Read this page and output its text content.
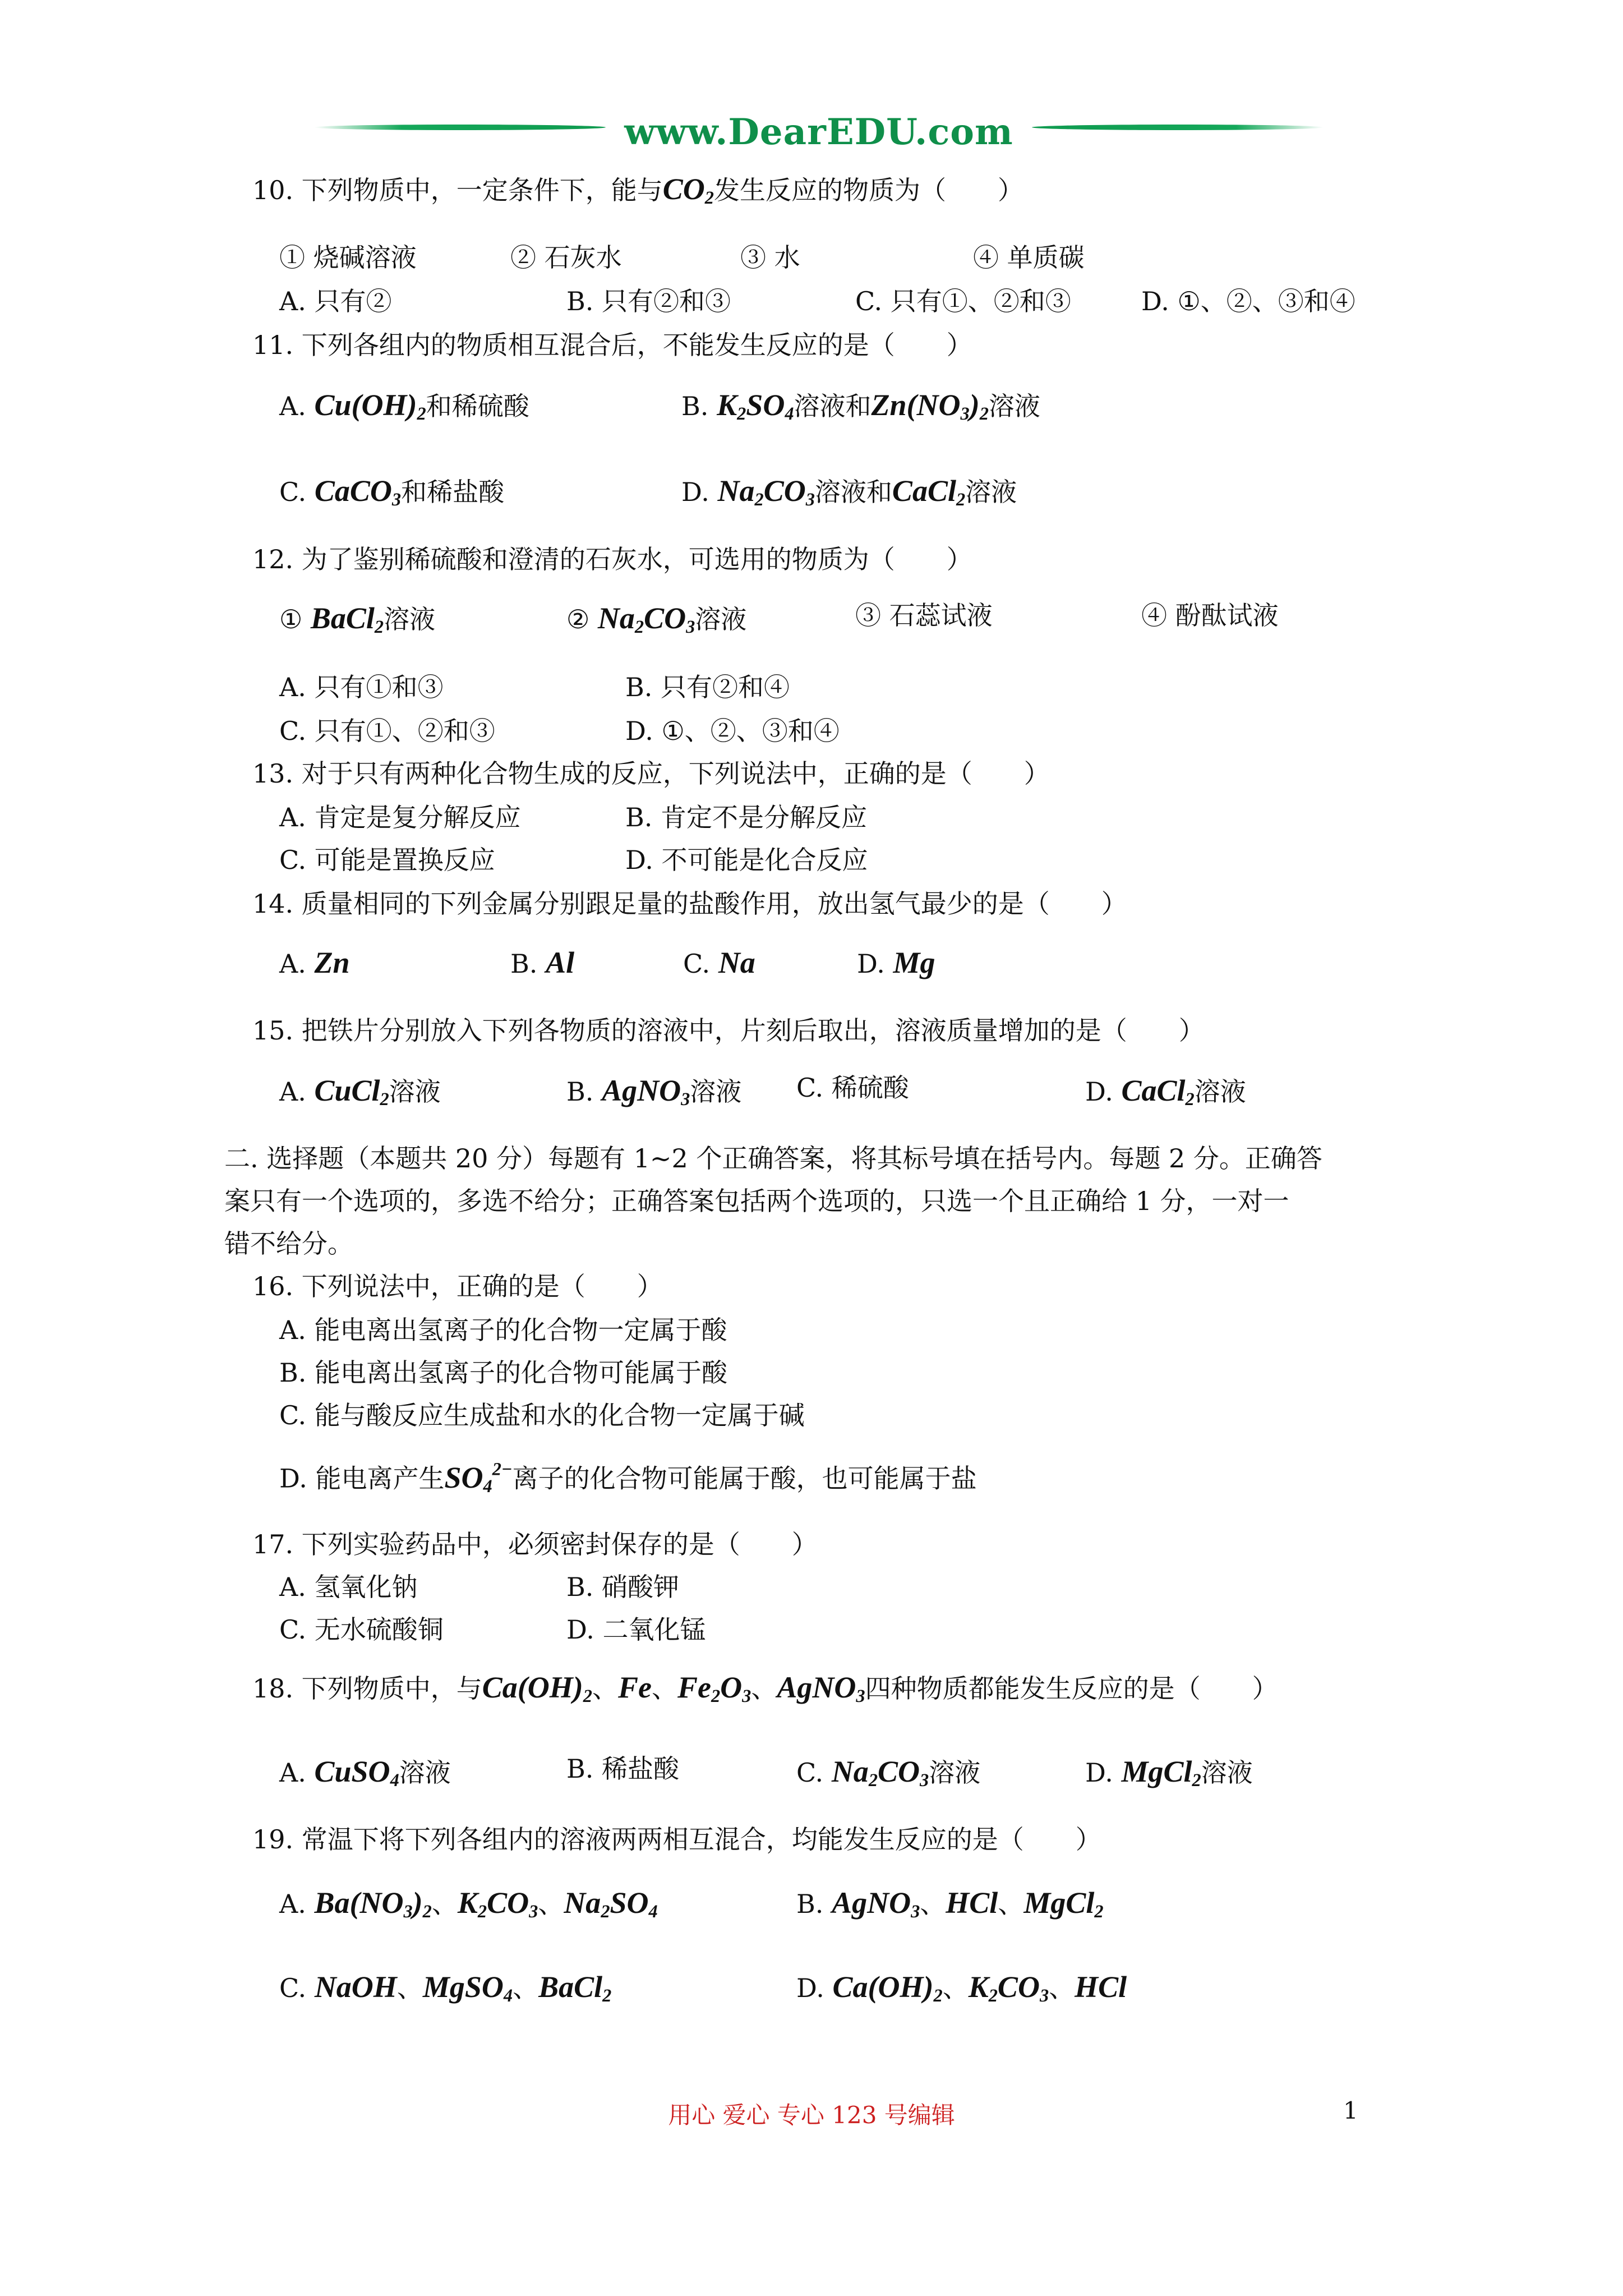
www.DearEDU.com
10. 下列物质中，一定条件下，能与$CO_2$发生反应的物质为（　　）
① 烧碱溶液	② 石灰水	③ 水	④ 单质碳
A. 只有②	B. 只有②和③	C. 只有①、②和③	D. ①、②、③和④
11. 下列各组内的物质相互混合后，不能发生反应的是（　　）
A. $Cu(OH)_2$和稀硫酸	B. $K_2SO_4$溶液和$Zn(NO_3)_2$溶液
C. CaCO$_3$和稀盐酸	D. $Na_2CO_3$溶液和CaCl$_2$溶液
12. 为了鉴别稀硫酸和澄清的石灰水，可选用的物质为（　　）
① BaCl$_2$溶液	② $Na_2CO_3$溶液	③ 石蕊试液	④ 酚酞试液
A. 只有①和③	B. 只有②和④
C. 只有①、②和③	D. ①、②、③和④
13. 对于只有两种化合物生成的反应，下列说法中，正确的是（　　）
A. 肯定是复分解反应	B. 肯定不是分解反应
C. 可能是置换反应	D. 不可能是化合反应
14. 质量相同的下列金属分别跟足量的盐酸作用，放出氢气最少的是（　　）
A. Zn	B. Al	C. Na	D. Mg
15. 把铁片分别放入下列各物质的溶液中，片刻后取出，溶液质量增加的是（　　）
A. CuCl$_2$溶液	B. AgNO$_3$溶液 C. 稀硫酸	D. CaCl$_2$溶液
二. 选择题（本题共 20 分）每题有 1~2 个正确答案，将其标号填在括号内。每题 2 分。正确答
案只有一个选项的，多选不给分；正确答案包括两个选项的，只选一个且正确给 1 分，一对一
错不给分。
16. 下列说法中，正确的是（　　）
A. 能电离出氢离子的化合物一定属于酸
B. 能电离出氢离子的化合物可能属于酸
C. 能与酸反应生成盐和水的化合物一定属于碱
D. 能电离产生$SO_4^{2-}$离子的化合物可能属于酸，也可能属于盐
17. 下列实验药品中，必须密封保存的是（　　）
A. 氢氧化钠	B. 硝酸钾
C. 无水硫酸铜	D. 二氧化锰
18. 下列物质中，与$Ca(OH)_2$、Fe、$Fe_2O_3$、AgNO$_3$四种物质都能发生反应的是（　　）
A. CuSO$_4$溶液	B. 稀盐酸	C. $Na_2CO_3$溶液	D. MgCl$_2$溶液
19. 常温下将下列各组内的溶液两两相互混合，均能发生反应的是（　　）
A. $Ba(NO_3)_2$、$K_2CO_3$、$Na_2SO_4$	B. AgNO$_3$、HCl、MgCl$_2$
C. NaOH、MgSO$_4$、BaCl$_2$	D. $Ca(OH)_2$、$K_2CO_3$、HCl
用心 爱心 专心 123 号编辑	1
